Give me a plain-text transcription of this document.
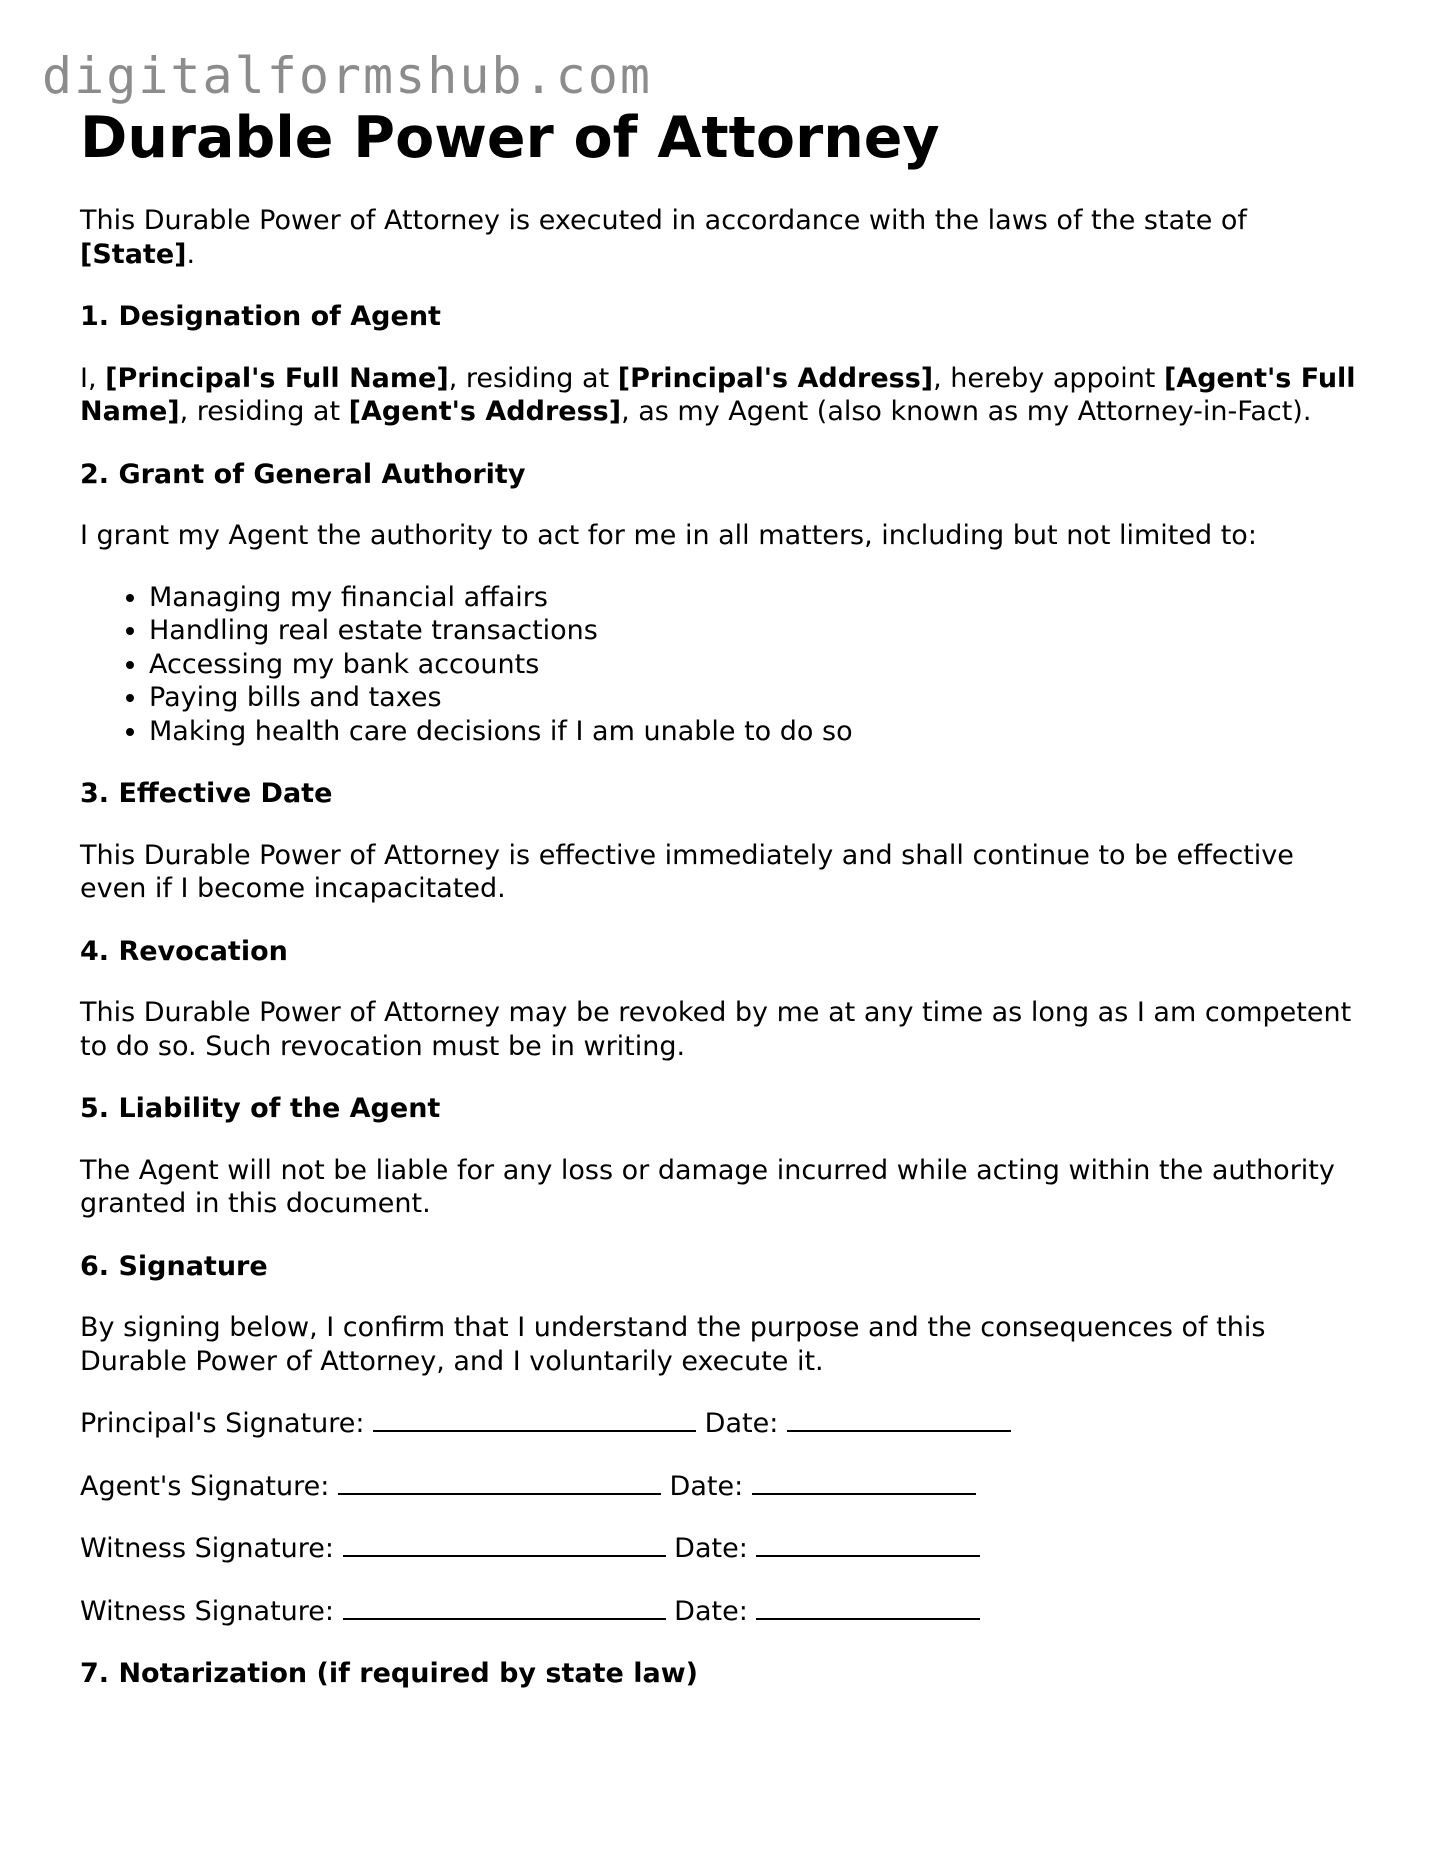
digitalformshub.com
Durable Power of Attorney

This Durable Power of Attorney is executed in accordance with the laws of the state of [State].

1. Designation of Agent

I, [Principal's Full Name], residing at [Principal's Address], hereby appoint [Agent's Full Name], residing at [Agent's Address], as my Agent (also known as my Attorney-in-Fact).

2. Grant of General Authority

I grant my Agent the authority to act for me in all matters, including but not limited to:

• Managing my financial affairs
• Handling real estate transactions
• Accessing my bank accounts
• Paying bills and taxes
• Making health care decisions if I am unable to do so
3. Effective Date

This Durable Power of Attorney is effective immediately and shall continue to be effective even if I become incapacitated.

4. Revocation

This Durable Power of Attorney may be revoked by me at any time as long as I am competent to do so. Such revocation must be in writing.

5. Liability of the Agent

The Agent will not be liable for any loss or damage incurred while acting within the authority granted in this document.

6. Signature

By signing below, I confirm that I understand the purpose and the consequences of this Durable Power of Attorney, and I voluntarily execute it.

Principal's Signature:	Date:

Agent's Signature:	Date:

Witness Signature:	Date:

Witness Signature:	Date:

7. Notarization (if required by state law)
